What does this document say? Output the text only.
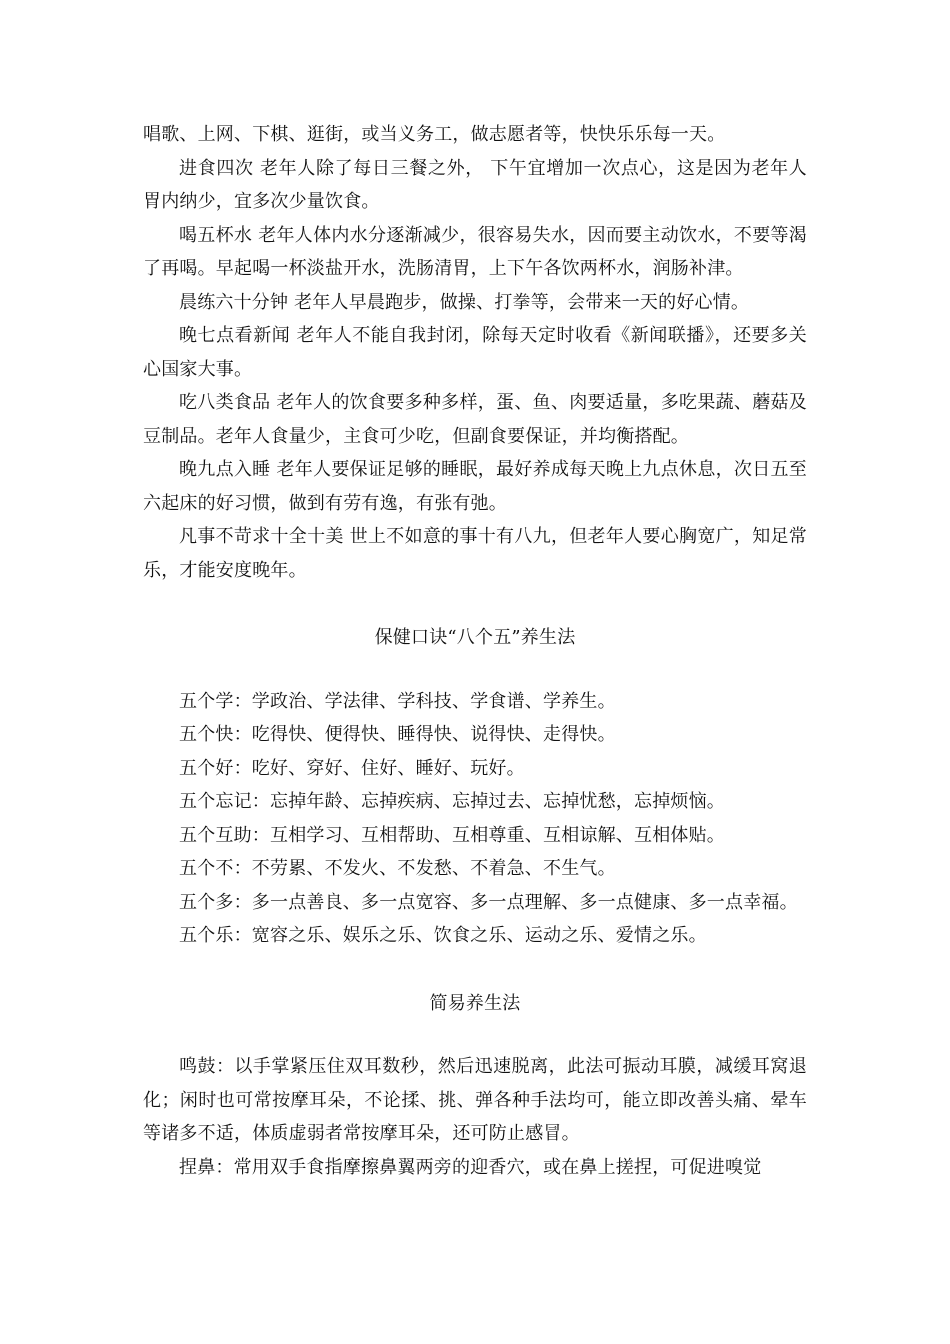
唱歌、上网、下棋、逛街，或当义务工，做志愿者等，快快乐乐每一天。

进食四次 老年人除了每日三餐之外， 下午宜增加一次点心，这是因为老年人胃内纳少，宜多次少量饮食。

喝五杯水 老年人体内水分逐渐减少，很容易失水，因而要主动饮水，不要等渴了再喝。早起喝一杯淡盐开水，洗肠清胃，上下午各饮两杯水，润肠补津。

晨练六十分钟 老年人早晨跑步，做操、打拳等，会带来一天的好心情。

晚七点看新闻 老年人不能自我封闭，除每天定时收看《新闻联播》，还要多关心国家大事。

吃八类食品 老年人的饮食要多种多样，蛋、鱼、肉要适量，多吃果蔬、蘑菇及豆制品。老年人食量少，主食可少吃，但副食要保证，并均衡搭配。

晚九点入睡 老年人要保证足够的睡眠，最好养成每天晚上九点休息，次日五至六起床的好习惯，做到有劳有逸，有张有弛。

凡事不苛求十全十美 世上不如意的事十有八九，但老年人要心胸宽广，知足常乐，才能安度晚年。

保健口诀“八个五”养生法

五个学：学政治、学法律、学科技、学食谱、学养生。

五个快：吃得快、便得快、睡得快、说得快、走得快。

五个好：吃好、穿好、住好、睡好、玩好。

五个忘记：忘掉年龄、忘掉疾病、忘掉过去、忘掉忧愁，忘掉烦恼。

五个互助：互相学习、互相帮助、互相尊重、互相谅解、互相体贴。

五个不：不劳累、不发火、不发愁、不着急、不生气。

五个多：多一点善良、多一点宽容、多一点理解、多一点健康、多一点幸福。

五个乐：宽容之乐、娱乐之乐、饮食之乐、运动之乐、爱情之乐。

简易养生法

鸣鼓：以手掌紧压住双耳数秒，然后迅速脱离，此法可振动耳膜，减缓耳窝退化；闲时也可常按摩耳朵，不论揉、挑、弹各种手法均可，能立即改善头痛、晕车等诸多不适，体质虚弱者常按摩耳朵，还可防止感冒。

捏鼻：常用双手食指摩擦鼻翼两旁的迎香穴，或在鼻上搓捏，可促进嗅觉
